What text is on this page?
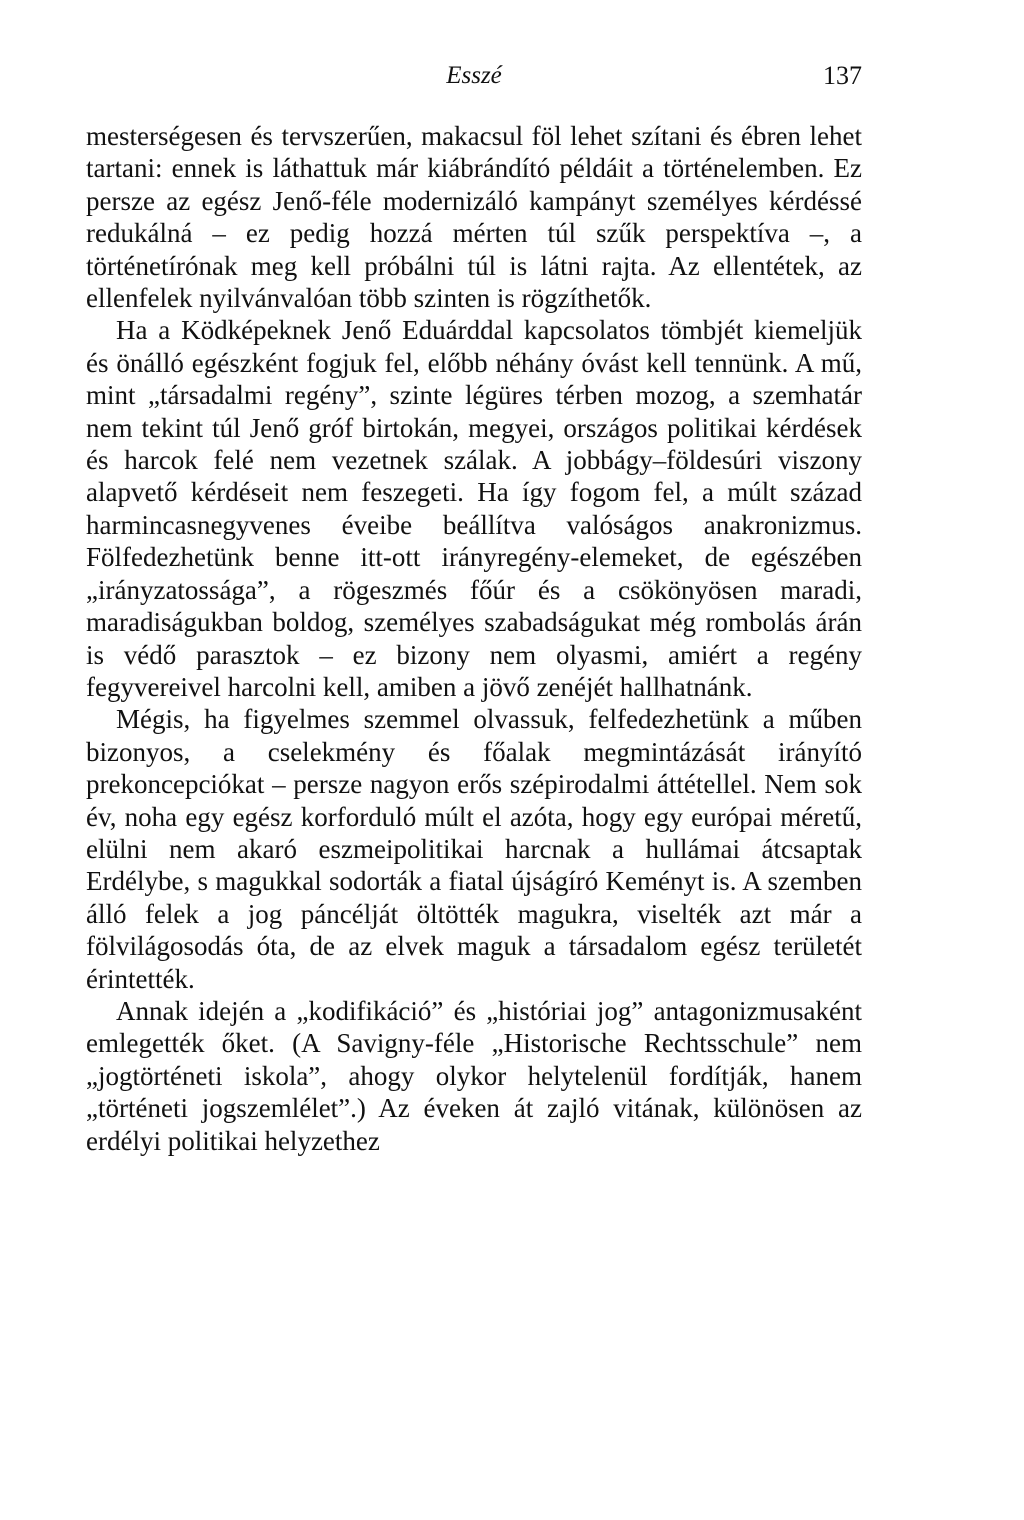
Esszé	137

mesterségesen és tervszerűen, makacsul föl lehet szítani és ébren lehet tartani: ennek is láthattuk már kiábrándító példáit a történelemben. Ez persze az egész Jenő-féle modernizáló kampányt személyes kérdéssé redukálná – ez pedig hozzá mérten túl szűk perspektíva –, a történetírónak meg kell próbálni túl is látni rajta. Az ellentétek, az ellenfelek nyilvánvalóan több szinten is rögzíthetők.

Ha a Ködképeknek Jenő Eduárddal kapcsolatos tömbjét kiemeljük és önálló egészként fogjuk fel, előbb néhány óvást kell tennünk. A mű, mint „társadalmi regény”, szinte légüres térben mozog, a szemhatár nem tekint túl Jenő gróf birtokán, megyei, országos politikai kérdések és harcok felé nem vezetnek szálak. A jobbágy–földesúri viszony alapvető kérdéseit nem feszegeti. Ha így fogom fel, a múlt század harmincasnegyvenes éveibe beállítva valóságos anakronizmus. Fölfedezhetünk benne itt-ott irányregény-elemeket, de egészében „irányzatossága”, a rögeszmés főúr és a csökönyösen maradi, maradiságukban boldog, személyes szabadságukat még rombolás árán is védő parasztok – ez bizony nem olyasmi, amiért a regény fegyvereivel harcolni kell, amiben a jövő zenéjét hallhatnánk.

Mégis, ha figyelmes szemmel olvassuk, felfedezhetünk a műben bizonyos, a cselekmény és főalak megmintázását irányító prekoncepciókat – persze nagyon erős szépirodalmi áttétellel. Nem sok év, noha egy egész korforduló múlt el azóta, hogy egy európai méretű, elülni nem akaró eszmeipolitikai harcnak a hullámai átcsaptak Erdélybe, s magukkal sodorták a fiatal újságíró Keményt is. A szemben álló felek a jog páncélját öltötték magukra, viselték azt már a fölvilágosodás óta, de az elvek maguk a társadalom egész területét érintették.

Annak idején a „kodifikáció” és „históriai jog” antagonizmusaként emlegették őket. (A Savigny-féle „Historische Rechtsschule” nem „jogtörténeti iskola”, ahogy olykor helytelenül fordítják, hanem „történeti jogszemlélet”.) Az éveken át zajló vitának, különösen az erdélyi politikai helyzethez
